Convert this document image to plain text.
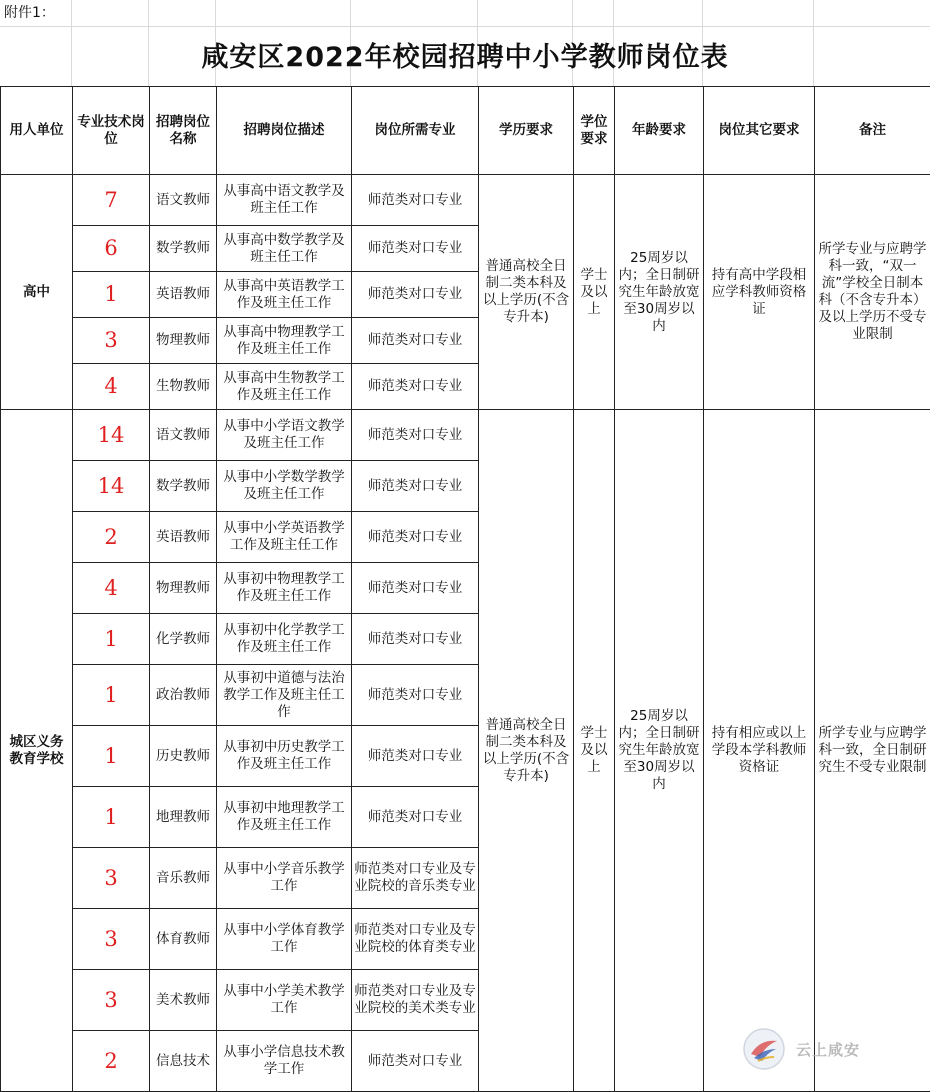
附件1：
咸安区2022年校园招聘中小学教师岗位表
用人单位	专业技术岗位	招聘岗位名称	招聘岗位描述	岗位所需专业	学历要求	学位要求	年龄要求	岗位其它要求	备注
高中	7	语文教师	从事高中语文教学及班主任工作	师范类对口专业	普通高校全日制二类本科及以上学历(不含专升本)	学士及以上	25周岁以内；全日制研究生年龄放宽至30周岁以内	持有高中学段相应学科教师资格证	所学专业与应聘学科一致，“双一流”学校全日制本科（不含专升本）及以上学历不受专业限制
	6	数学教师	从事高中数学教学及班主任工作	师范类对口专业					
	1	英语教师	从事高中英语教学工作及班主任工作	师范类对口专业					
	3	物理教师	从事高中物理教学工作及班主任工作	师范类对口专业					
	4	生物教师	从事高中生物教学工作及班主任工作	师范类对口专业					
城区义务教育学校	14	语文教师	从事中小学语文教学及班主任工作	师范类对口专业	普通高校全日制二类本科及以上学历(不含专升本)	学士及以上	25周岁以内；全日制研究生年龄放宽至30周岁以内	持有相应或以上学段本学科教师资格证	所学专业与应聘学科一致，全日制研究生不受专业限制
	14	数学教师	从事中小学数学教学及班主任工作	师范类对口专业					
	2	英语教师	从事中小学英语教学工作及班主任工作	师范类对口专业					
	4	物理教师	从事初中物理教学工作及班主任工作	师范类对口专业					
	1	化学教师	从事初中化学教学工作及班主任工作	师范类对口专业					
	1	政治教师	从事初中道德与法治教学工作及班主任工作	师范类对口专业					
	1	历史教师	从事初中历史教学工作及班主任工作	师范类对口专业					
	1	地理教师	从事初中地理教学工作及班主任工作	师范类对口专业					
	3	音乐教师	从事中小学音乐教学工作	师范类对口专业及专业院校的音乐类专业					
	3	体育教师	从事中小学体育教学工作	师范类对口专业及专业院校的体育类专业					
	3	美术教师	从事中小学美术教学工作	师范类对口专业及专业院校的美术类专业					
	2	信息技术	从事小学信息技术教学工作	师范类对口专业					
云上咸安
